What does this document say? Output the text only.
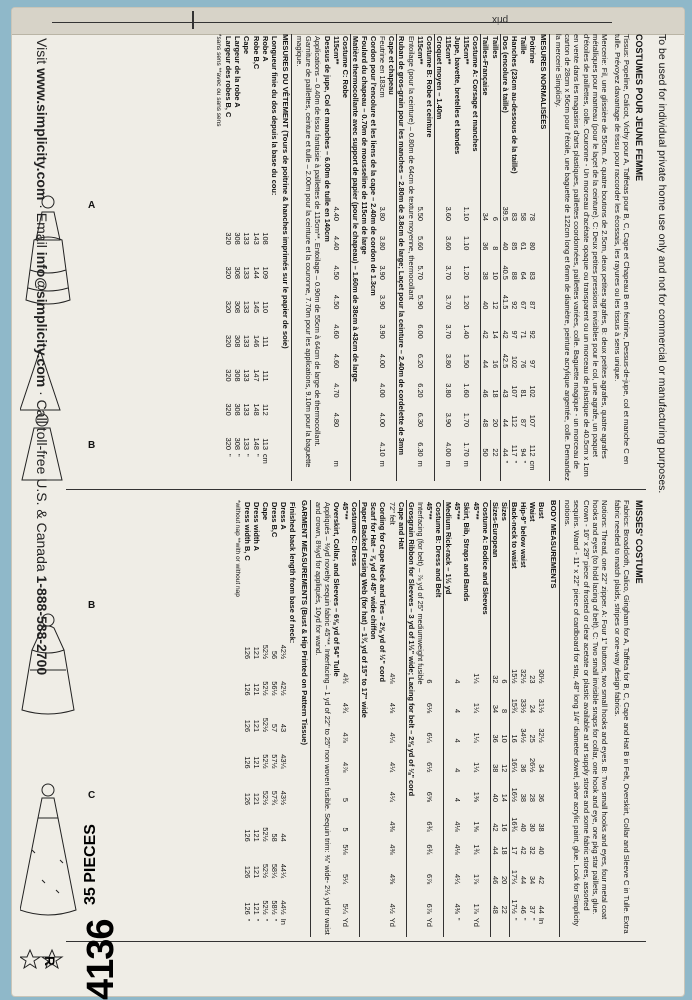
prix
To be used for individual private home use only and not for commercial or manufacturing purposes.
COSTUMES POUR JEUNE FEMME
Tissus: Popeline, Calicot, Vichy pour A, Taffetas pour B, C, Cape et Chapeau B en feutrine, Dessus-de-jupe, col et manche C en tulle. Prévoyez davantage de tissu pour raccorder les écossais, les rayures ou les tissus à sens unique.
Mercerie: Fil, une glissière de 55cm. A: quatre boutons de 2.5cm, deux petites agrafes, B: deux petites agrafes, quatre agrafes métalliques pour manteau (pour le laçet de la ceinture). C: Deux petites pressions invisibles pour le col, une agrafe, un paquet d'étoiles de paillettes, colle. Couronne - Un morceau d'acétate opaque ou transparent ou un morceau de plastique de 40.5cm x 1cm en vente dans les magasins d'arts plastiques, paillettes coordonnées, paillettes variées, colle. Baguette magique - un morceau de carton de 28cm x 56cm pour l'étoile, une baguette de 122cm long et 6mm de diamètre, peinture acrylique argentée, colle. Demandez la mercerie Simplicity.
MESURES NORMALISÉES
Poitrine	78	80	83	87	92	97	102	107	112	cm
Taille	58	61	64	67	71	76	81	87	94	"
Hanches (23cm au-dessous de la taille)	83	85	88	92	97	102	107	112	117	"
Dos (encolure à taille)	39.5	40	40.5	41.5	42	42.5	43	44	44	"
Tailles	6	8	10	12	14	16	18	20	22	
Tailles-Française	34	36	38	40	42	44	46	48	50	
Costume A: Corsage et manches
115cm**	1.10	1.10	1.20	1.20	1.40	1.50	1.60	1.70	1.70	m
Jupe, bavette, bretelles et bandes
115cm**	3.60	3.60	3.70	3.70	3.70	3.80	3.80	3.90	4.00	m
Croquet moyen – 1.40m										
Costume B: Robe et ceinture
115cm**	5.50	5.60	5.70	5.90	6.00	6.20	6.20	6.30	6.30	m
Entoilage (pour la ceinture) – 0.80m de 64cm de texture moyenne, thermocollant										
Ruban de gros-grain pour les manches – 2.80m de 3.8cm de large; Laçet pour la ceinture – 2.40m de cordelette de 3mm										
Cape et chapeau
Feutrine en 183cm	3.80	3.80	3.90	3.90	3.90	4.00	4.00	4.00	4.10	m
Cordon pour l'encolure et les liens de la cape – 2.40m de cordon de 1.3cm										
Foulard du chapeau – 0.70m de mousseline de 115cm de large										
Matière thermocollante avec support de papier (pour le chapeau) – 1.60m de 38cm à 43cm de large										
Costume C: Robe
115cm**	4.40	4.40	4.50	4.50	4.60	4.60	4.70	4.80		m
Dessus de jupe, Col et manches – 6.00m de tulle en 140cm										
Applications – 0.40m de tissu fantaisie à paillettes de 115cm**. Entoilage – 0.90m de 55cm à 64cm de large de thermocollant. Garniture de paillettes, ceinture et tulle – 2.00m pour la ceinture et la couronne, 7.70m pour les applications, 9.10m pour la baguette magique.										
MESURES DU VÊTEMENT (Tours de poitrine & hanches imprimés sur le papier de soie)
Longueur finie du dos depuis la base du cou:								
Robe A	108	109	110	111	111	112	113	cm
Robe B,C	143	144	145	146	147	148	148	"
Cape	133	133	133	133	133	133	133	"
Largeur de la robe A	308	308	308	308	308	308	308	"
Largeur des robes B, C	320	320	320	320	320	320	320	"
*sans sens **avec ou sans sens
MISSES' COSTUME
Fabrics: Broadcloth, Calico, Gingham for A, Taffeta for B, C, Cape and Hat B in Felt, Overskirt, Collar and Sleeve C in Tulle. Extra fabric needed to match plaids, stripes or one-way design fabrics.
Notions: Thread, one 22" zipper. A: Four 1" buttons, two small hooks and eyes. B: Two small hooks and eyes, four metal coat hooks and eyes (to hold lacing of belt). C: Two small invisible snaps for collar, one hook and eye, one pkg star paillets, glue. Crown - 16" x 29" piece of frosted or clear acetate or plastic available at art supply stores and some fabric stores, assorted sequins. Wand - 11" x 22" piece of cardboard for star, 48" long 1/4" diameter dowel, silver acrylic paint, glue. Look for Simplicity notions.
BODY MEASUREMENTS
Bust	30½	31½	32½	34	36	38	40	42	44	In
Waist	23	24	25	26½	28	30	32	34	37	"
Hip-9" below waist	32½	33½	34½	36	38	40	42	44	46	"
Back-neck to waist	15½	15¾	16	16¼	16½	16¾	17	17¼	17½	"
Sizes	6	8	10	12	14	16	18	20	22	
Sizes-European	32	34	36	38	40	42	44	46	48	
Costume A: Bodice and Sleeves
45"**	1¼	1¼	1¼	1¼	1⅜	1⅝	1¾	1⅞	1⅞	Yd
Skirt, Bib, Straps and Bands
45"**	4	4	4	4	4	4⅛	4⅛	4¼	4⅜	"
Medium Rick-rack – 1½ yd										
Costume B: Dress and Belt
45"**	6	6⅛	6¼	6½	6⅝	6¾	6¾	6⅞	6⅞	Yd
Interfacing (for belt) – ⅞ yd of 25" mediumweight fusible										
Grosgrain Ribbon for Sleeves – 3 yd of 1½" wide; Lacing for belt – 2⅝ yd of ⅛" cord										
Cape and Hat
72" felt	4⅛	4⅛	4¼	4¼	4¼	4⅜	4⅜	4⅜	4½	Yd
Cording for Cape Neck and Ties – 2⅝ yd of ½" cord										
Scarf for Hat – ⅞ yd of 45" wide chiffon										
Paper Backed Fusing Web (for hat) – 1¾ yd of 15" to 17" wide										
Costume C: Dress
45"**	4¾	4¾	4⅞	4⅞	5	5	5⅛	5¼	5¼	Yd
Overskirt, Collar, and Sleeves – 6⅝ yd of 54" Tulle										
Appliqués – ⅜yd novelty sequin fabric 45"**. Interfacing – 1 yd of 22" to 25" non woven fusible. Sequin trim: ⅜" wide- 2¼ yd for waist and crown, 8⅜yd for appliqués, 10yd for wand.										
GARMENT MEASUREMENTS (Bust & Hip Printed on Pattern Tissue)
Finished back length from base of neck:									
Dress A	42½	42½	43	43¼	43½	44	44¼	44½	In
Dress B,C	56	56½	57	57½	57¾	58	58¼	58½	"
Cape	52½	52½	52½	52½	52½	52½	52½	52½	"
Dress width A	121	121	121	121	121	121	121	121	"
Dress width B, C	126	126	126	126	126	126	126	126	"
*without nap **with or without nap
Visit www.simplicity.com · Email info@simplicity.com · Call toll-free U.S. & Canada 1-888-588-2700
R 4136
35 PIECES
A
B
B
C
